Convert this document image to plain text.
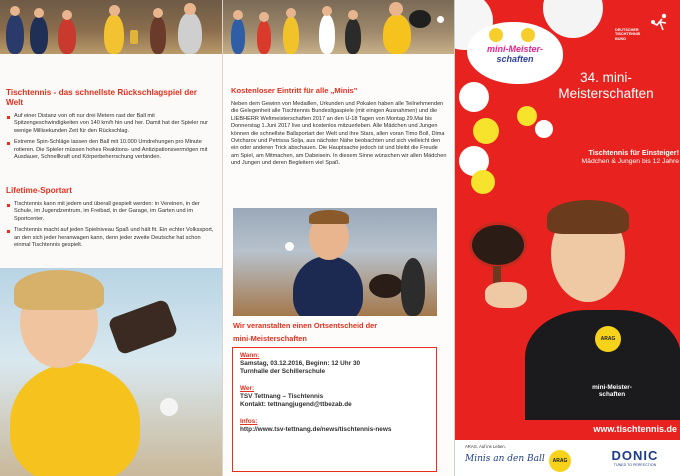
Tischtennis - das schnellste Rückschlagspiel der Welt
Auf einer Distanz von oft nur drei Metern rast der Ball mit Spitzengeschwindigkeiten von 140 km/h hin und her. Damit hat der Spieler nur wenige Millisekunden Zeit für den Rückschlag.
Extreme Spin-Schläge lassen den Ball mit 10.000 Umdrehungen pro Minute rotieren. Die Spieler müssen hohes Reaktions- und Antizipationsvermögen mit Ausdauer, Schnellkraft und Körperbeherrschung verbinden.
Lifetime-Sportart
Tischtennis kann mit jedem und überall gespielt werden: in Vereinen, in der Schule, im Jugendzentrum, im Freibad, in der Garage, im Garten und im Sportcenter.
Tischtennis macht auf jeden Spielniveau Spaß und hält fit. Ein echter Volkssport, an den sich jeder heranwagen kann, denn jeder zweite Deutsche hat schon einmal Tischtennis gespielt.
Kostenloser Eintritt für alle „Minis"

Neben dem Gewinn von Medaillen, Urkunden und Pokalen haben alle Teilnehmenden die Gelegenheit alle Tischtennis Bundesligaspiele (mit einigen Ausnahmen) und die LIEBHERR Weltmeisterschaften 2017 an den U-18 Tagen von Montag 29.Mai bis Donnerstag 1.Juni 2017 live und kostenlos mitzuerleben. Alle Mädchen und Jungen können die schnellste Ballsportart der Welt und ihre Stars, allen voran Timo Boll, Dima Ovtcharov und Petrissa Solja, aus nächster Nähe beobachten und sich vielleicht den ein oder anderen Trick abschauen. Die Hauptsache jedoch ist und bleibt die Freude am Spiel, am Mitmachen, am Dabeisein. In diesem Sinne wünschen wir allen Mädchen und Jungen und deren Begleitern viel Spaß.

Wir veranstalten einen Ortsentscheid der
mini-Meisterschaften
Wann:
Samstag, 03.12.2016, Beginn: 12 Uhr 30
Turnhalle der Schillerschule
Wer:
TSV Tettnang – Tischtennis
Kontakt: tettnangjugend@ttbezab.de
Infos:
http://www.tsv-tettnang.de/news/tischtennis-news
DEUTSCHER
TISCHTENNIS
BUND
mini-Meister-
schaften
34. mini-
Meisterschaften
Tischtennis für Einsteiger!
Mädchen & Jungen bis 12 Jahre
ARAG
mini-Meister-
schaften
www.tischtennis.de
ARAG. Auf ins Leben.
Minis an den Ball	ARAG	DONIC
TUNED TO PERFECTION
